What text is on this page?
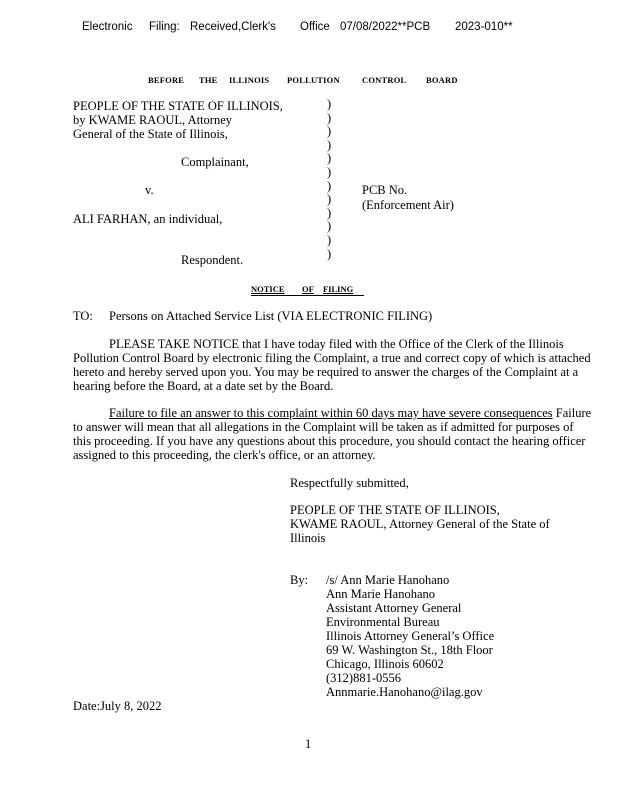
Electronic Filing: Received,Clerk's Office 07/08/2022**PCB 2023-010**
BEFORE THE ILLINOIS POLLUTION	CONTROL BOARD
PEOPLE OF THE STATE OF ILLINOIS,
by KWAME RAOUL, Attorney
General of the State of Illinois,
Complainant,
v.	PCB No.
(Enforcement Air)
ALI FARHAN, an individual,
Respondent.
)
)
)
)
)
)
)
)
)
)
)
)
NOTICE OF FILING
TO: Persons on Attached Service List (VIA ELECTRONIC FILING)
PLEASE TAKE NOTICE that I have today filed with the Office of the Clerk of the Illinois Pollution Control Board by electronic filing the Complaint, a true and correct copy of which is attached hereto and hereby served upon you. You may be required to answer the charges of the Complaint at a hearing before the Board, at a date set by the Board.
Failure to file an answer to this complaint within 60 days may have severe consequences Failure to answer will mean that all allegations in the Complaint will be taken as if admitted for purposes of this proceeding. If you have any questions about this procedure, you should contact the hearing officer assigned to this proceeding, the clerk's office, or an attorney.
Respectfully submitted,
PEOPLE OF THE STATE OF ILLINOIS,
KWAME RAOUL, Attorney General of the State of
Illinois
By: /s/ Ann Marie Hanohano
Ann Marie Hanohano
Assistant Attorney General
Environmental Bureau
Illinois Attorney General’s Office
69 W. Washington St., 18th Floor
Chicago, Illinois 60602
(312)881-0556
Annmarie.Hanohano@ilag.gov
Date:July 8, 2022
1
